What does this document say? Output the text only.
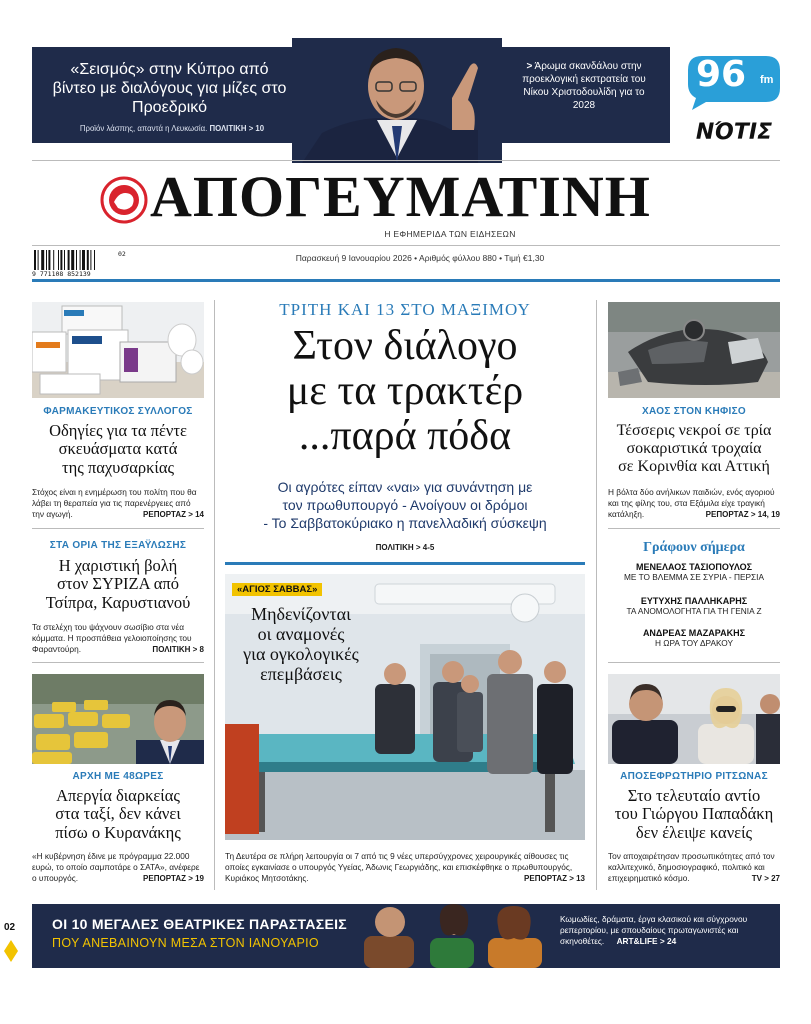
«Σεισμός» στην Κύπρο από βίντεο με διαλόγους για μίζες στο Προεδρικό
Προϊόν λάσπης, απαντά η Λευκωσία. ΠΟΛΙΤΙΚΗ > 10
> Άρωμα σκανδάλου στην προεκλογική εκστρατεία του Νίκου Χριστοδουλίδη για το 2028
96 fm
ΝΌΤΙΣ
ΑΠΟΓΕΥΜΑΤΙΝΗ
Η ΕΦΗΜΕΡΙΔΑ ΤΩΝ ΕΙΔΗΣΕΩΝ
9 771108 852139
02	Παρασκευή 9 Ιανουαρίου 2026 • Αριθμός φύλλου 880 • Τιμή €1,30
ΦΑΡΜΑΚΕΥΤΙΚΟΣ ΣΥΛΛΟΓΟΣ
Οδηγίες για τα πέντε
σκευάσματα κατά
της παχυσαρκίας
Στόχος είναι η ενημέρωση του πολίτη που θα λάβει τη θεραπεία για τις παρενέργειες από την αγωγή.	ΡΕΠΟΡΤΑΖ > 14
ΣΤΑ ΟΡΙΑ ΤΗΣ ΕΞΑΫΛΩΣΗΣ
Η χαριστική βολή
στον ΣΥΡΙΖΑ από
Τσίπρα, Καρυστιανού
Τα στελέχη του ψάχνουν σωσίβιο στα νέα κόμματα. Η προσπάθεια γελοιοποίησης του Φαραντούρη.	ΠΟΛΙΤΙΚΗ > 8
ΑΡΧΗ ΜΕ 48ΩΡΕΣ
Απεργία διαρκείας
στα ταξί, δεν κάνει
πίσω ο Κυρανάκης
«Η κυβέρνηση έδινε με πρόγραμμα 22.000 ευρώ, το οποίο σαμποτάρε ο ΣΑΤΑ», ανέφερε ο υπουργός.	ΡΕΠΟΡΤΑΖ > 19
ΤΡΙΤΗ ΚΑΙ 13 ΣΤΟ ΜΑΞΙΜΟΥ
Στον διάλογο
με τα τρακτέρ
...παρά πόδα
Οι αγρότες είπαν «ναι» για συνάντηση με
τον πρωθυπουργό - Ανοίγουν οι δρόμοι
- Το Σαββατοκύριακο η πανελλαδική σύσκεψη
ΠΟΛΙΤΙΚΗ > 4-5
«ΑΓΙΟΣ ΣΑΒΒΑΣ»
Μηδενίζονται
οι αναμονές
για ογκολογικές
επεμβάσεις
Τη Δευτέρα σε πλήρη λειτουργία οι 7 από τις 9 νέες υπερσύγχρονες χειρουργικές αίθουσες τις οποίες εγκαινίασε ο υπουργός Υγείας, Άδωνις Γεωργιάδης, και επισκέφθηκε ο πρωθυπουργός, Κυριάκος Μητσοτάκης.	ΡΕΠΟΡΤΑΖ > 13
ΧΑΟΣ ΣΤΟΝ ΚΗΦΙΣΟ
Τέσσερις νεκροί σε τρία
σοκαριστικά τροχαία
σε Κορινθία και Αττική
Η βόλτα δύο ανήλικων παιδιών, ενός αγοριού και της φίλης του, στα Εξάμιλα είχε τραγική κατάληξη.	ΡΕΠΟΡΤΑΖ > 14, 19
Γράφουν σήμερα
ΜΕΝΕΛΑΟΣ ΤΑΣΙΟΠΟΥΛΟΣ
ΜΕ ΤΟ ΒΛΕΜΜΑ ΣΕ ΣΥΡΙΑ - ΠΕΡΣΙΑ
ΕΥΤΥΧΗΣ ΠΑΛΛΗΚΑΡΗΣ
ΤΑ ΑΝΟΜΟΛΟΓΗΤΑ ΓΙΑ ΤΗ ΓΕΝΙΑ Ζ
ΑΝΔΡΕΑΣ ΜΑΖΑΡΑΚΗΣ
Η ΩΡΑ ΤΟΥ ΔΡΑΚΟΥ
ΑΠΟΣΕΦΡΩΤΗΡΙΟ ΡΙΤΣΩΝΑΣ
Στο τελευταίο αντίο
του Γιώργου Παπαδάκη
δεν έλειψε κανείς
Τον αποχαιρέτησαν προσωπικότητες από τον καλλιτεχνικό, δημοσιογραφικό, πολιτικό και επιχειρηματικό κόσμο.	TV > 27
ΟΙ 10 ΜΕΓΑΛΕΣ ΘΕΑΤΡΙΚΕΣ ΠΑΡΑΣΤΑΣΕΙΣ
ΠΟΥ ΑΝΕΒΑΙΝΟΥΝ ΜΕΣΑ ΣΤΟΝ ΙΑΝΟΥΑΡΙΟ
Κωμωδίες, δράματα, έργα κλασικού και σύγχρονου ρεπερτορίου, με σπουδαίους πρωταγωνιστές και σκηνοθέτες. ART&LIFE > 24
02
